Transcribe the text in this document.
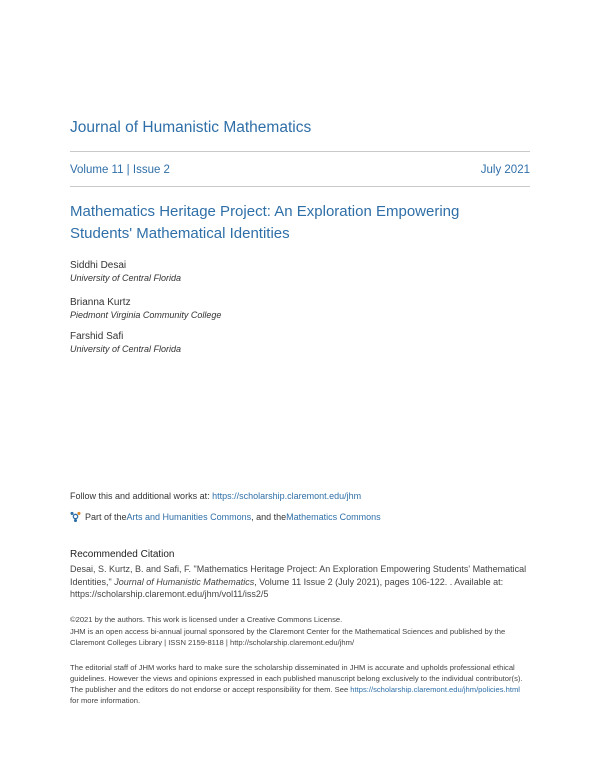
Journal of Humanistic Mathematics
Volume 11 | Issue 2	July 2021
Mathematics Heritage Project: An Exploration Empowering Students' Mathematical Identities
Siddhi Desai
University of Central Florida
Brianna Kurtz
Piedmont Virginia Community College
Farshid Safi
University of Central Florida
Follow this and additional works at: https://scholarship.claremont.edu/jhm
Part of the Arts and Humanities Commons , and the Mathematics Commons
Recommended Citation
Desai, S. Kurtz, B. and Safi, F. "Mathematics Heritage Project: An Exploration Empowering Students' Mathematical Identities," Journal of Humanistic Mathematics, Volume 11 Issue 2 (July 2021), pages 106-122. . Available at: https://scholarship.claremont.edu/jhm/vol11/iss2/5
©2021 by the authors. This work is licensed under a Creative Commons License.
JHM is an open access bi-annual journal sponsored by the Claremont Center for the Mathematical Sciences and published by the Claremont Colleges Library | ISSN 2159-8118 | http://scholarship.claremont.edu/jhm/
The editorial staff of JHM works hard to make sure the scholarship disseminated in JHM is accurate and upholds professional ethical guidelines. However the views and opinions expressed in each published manuscript belong exclusively to the individual contributor(s). The publisher and the editors do not endorse or accept responsibility for them. See https://scholarship.claremont.edu/jhm/policies.html for more information.
